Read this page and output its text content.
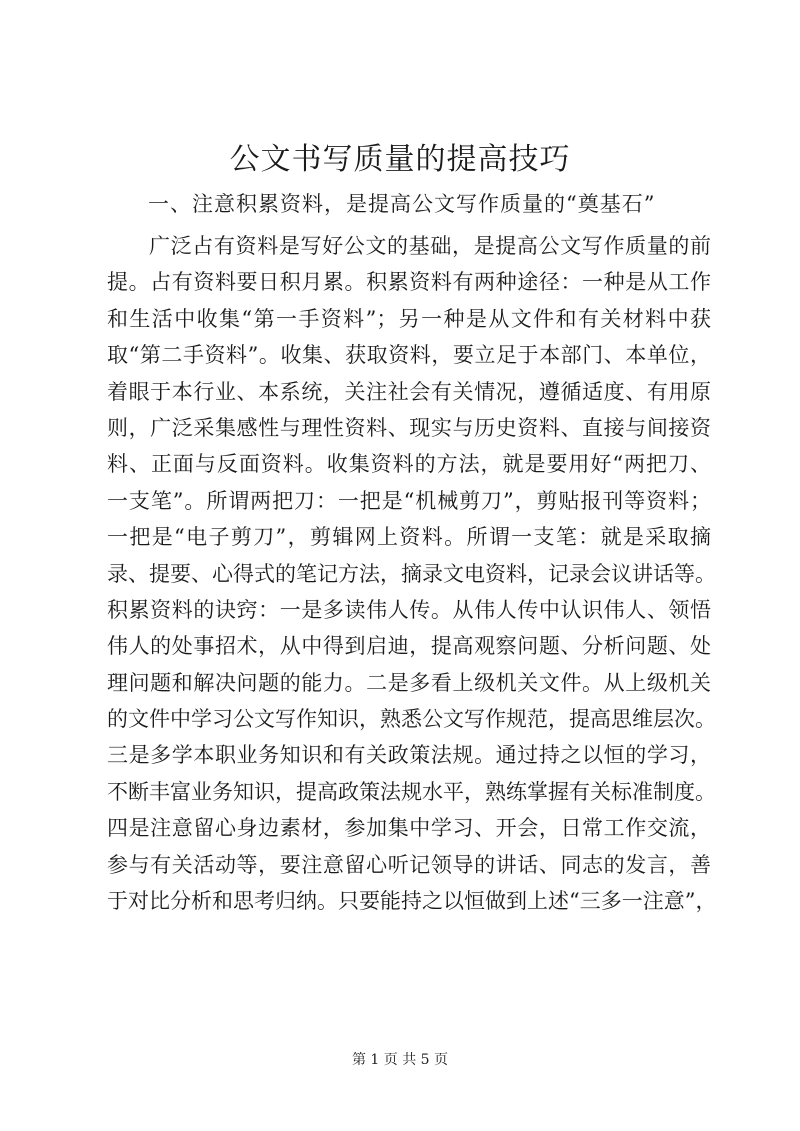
公文书写质量的提高技巧

一、注意积累资料，是提高公文写作质量的“奠基石”

广泛占有资料是写好公文的基础，是提高公文写作质量的前
提。占有资料要日积月累。积累资料有两种途径：一种是从工作
和生活中收集“第一手资料”；另一种是从文件和有关材料中获
取“第二手资料”。收集、获取资料，要立足于本部门、本单位，
着眼于本行业、本系统，关注社会有关情况，遵循适度、有用原
则，广泛采集感性与理性资料、现实与历史资料、直接与间接资
料、正面与反面资料。收集资料的方法，就是要用好“两把刀、
一支笔”。所谓两把刀：一把是“机械剪刀”，剪贴报刊等资料；
一把是“电子剪刀”，剪辑网上资料。所谓一支笔：就是采取摘
录、提要、心得式的笔记方法，摘录文电资料，记录会议讲话等。
积累资料的诀窍：一是多读伟人传。从伟人传中认识伟人、领悟
伟人的处事招术，从中得到启迪，提高观察问题、分析问题、处
理问题和解决问题的能力。二是多看上级机关文件。从上级机关
的文件中学习公文写作知识，熟悉公文写作规范，提高思维层次。
三是多学本职业务知识和有关政策法规。通过持之以恒的学习，
不断丰富业务知识，提高政策法规水平，熟练掌握有关标准制度。
四是注意留心身边素材，参加集中学习、开会，日常工作交流，
参与有关活动等，要注意留心听记领导的讲话、同志的发言，善
于对比分析和思考归纳。只要能持之以恒做到上述“三多一注意”，
第 1 页 共 5 页
